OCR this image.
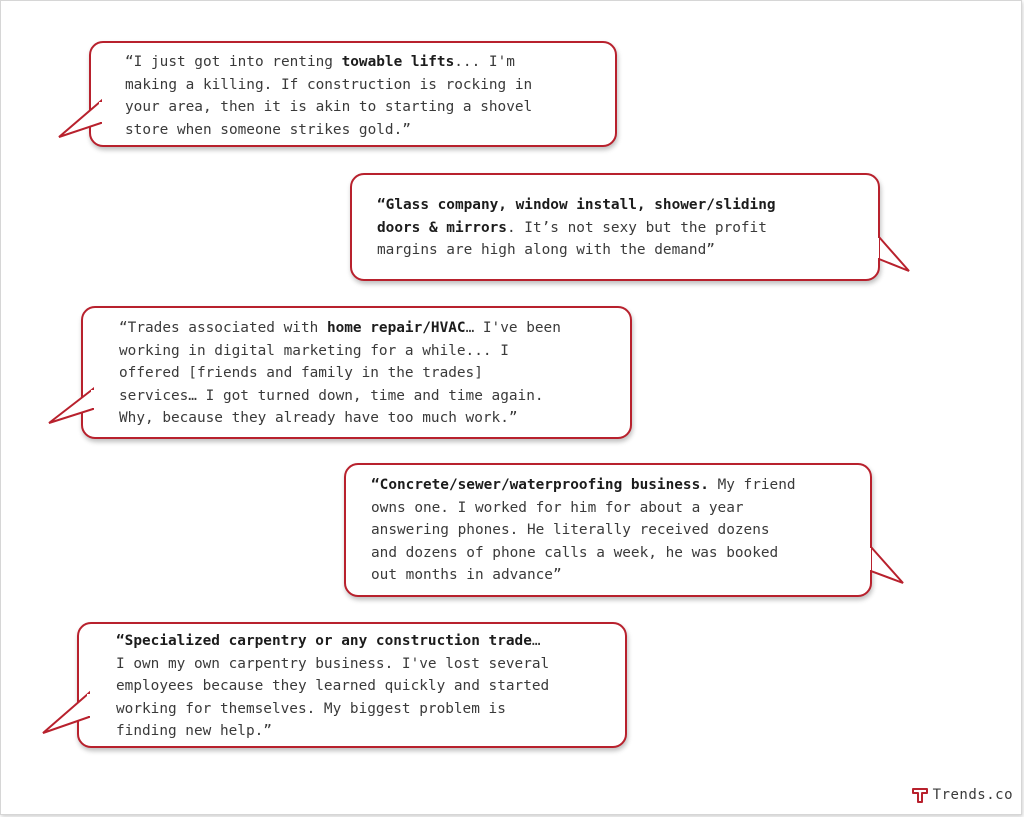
“I just got into renting towable lifts... I'm
making a killing. If construction is rocking in
your area, then it is akin to starting a shovel
store when someone strikes gold.”
“Glass company, window install, shower/sliding
doors & mirrors. It’s not sexy but the profit
margins are high along with the demand”
“Trades associated with home repair/HVAC… I've been
working in digital marketing for a while... I
offered [friends and family in the trades]
services… I got turned down, time and time again.
Why, because they already have too much work.”
“Concrete/sewer/waterproofing business. My friend
owns one. I worked for him for about a year
answering phones. He literally received dozens
and dozens of phone calls a week, he was booked
out months in advance”
“Specialized carpentry or any construction trade…
I own my own carpentry business. I've lost several
employees because they learned quickly and started
working for themselves. My biggest problem is
finding new help.”
Trends.co
